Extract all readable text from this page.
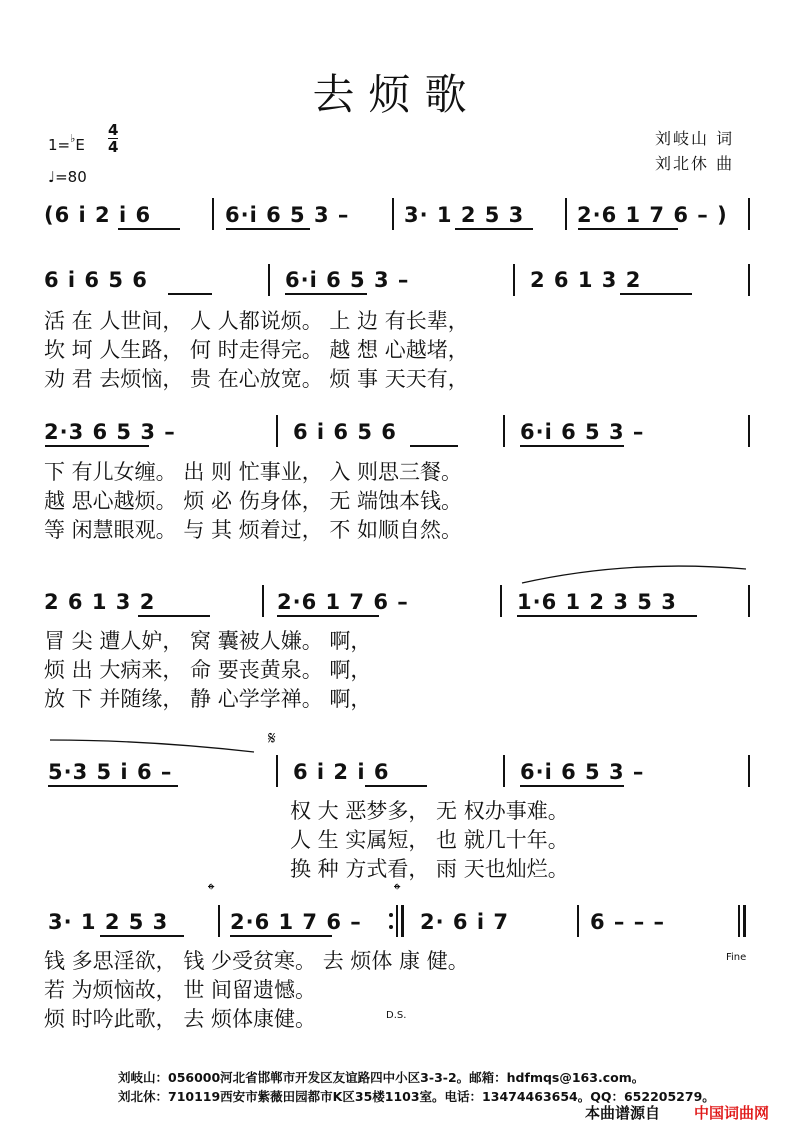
去烦歌
1=♭E
4
4
♩=80
刘岐山 词
刘北休 曲
(6 i 2 i 6	6·i 6 5 3 –	3· 1 2 5 3	2·6 1 7 6 – )
6 i 6 5 6	6·i 6 5 3 –	2 6 1 3 2
活 在 人世间， 人 人都说烦。 上 边 有长辈，
坎 坷 人生路， 何 时走得完。 越 想 心越堵，
劝 君 去烦恼， 贵 在心放宽。 烦 事 天天有，
2·3 6 5 3 –	6 i 6 5 6	6·i 6 5 3 –
下 有儿女缠。 出 则 忙事业， 入 则思三餐。
越 思心越烦。 烦 必 伤身体， 无 端蚀本钱。
等 闲慧眼观。 与 其 烦着过， 不 如顺自然。
2 6 1 3 2	2·6 1 7 6 –	1·6 1 2 3 5 3
冒 尖 遭人妒， 窝 囊被人嫌。 啊，
烦 出 大病来， 命 要丧黄泉。 啊，
放 下 并随缘， 静 心学学禅。 啊，
𝄋
5·3 5 i 6 –	6 i 2 i 6	6·i 6 5 3 –
权 大 恶梦多， 无 权办事难。
人 生 实属短， 也 就几十年。
换 种 方式看， 雨 天也灿烂。
𝄌	𝄌
3· 1 2 5 3	2·6 1 7 6 –	2· 6 i 7	6 – – –
钱 多思淫欲， 钱 少受贫寒。 去 烦体 康 健。
若 为烦恼故， 世 间留遗憾。
烦 时吟此歌， 去 烦体康健。
Fine
D.S.
刘岐山：056000河北省邯郸市开发区友谊路四中小区3-3-2。邮箱：hdfmqs@163.com。
刘北休：710119西安市紫薇田园都市K区35楼1103室。电话：13474463654。QQ：652205279。
本曲谱源自 中国词曲网
